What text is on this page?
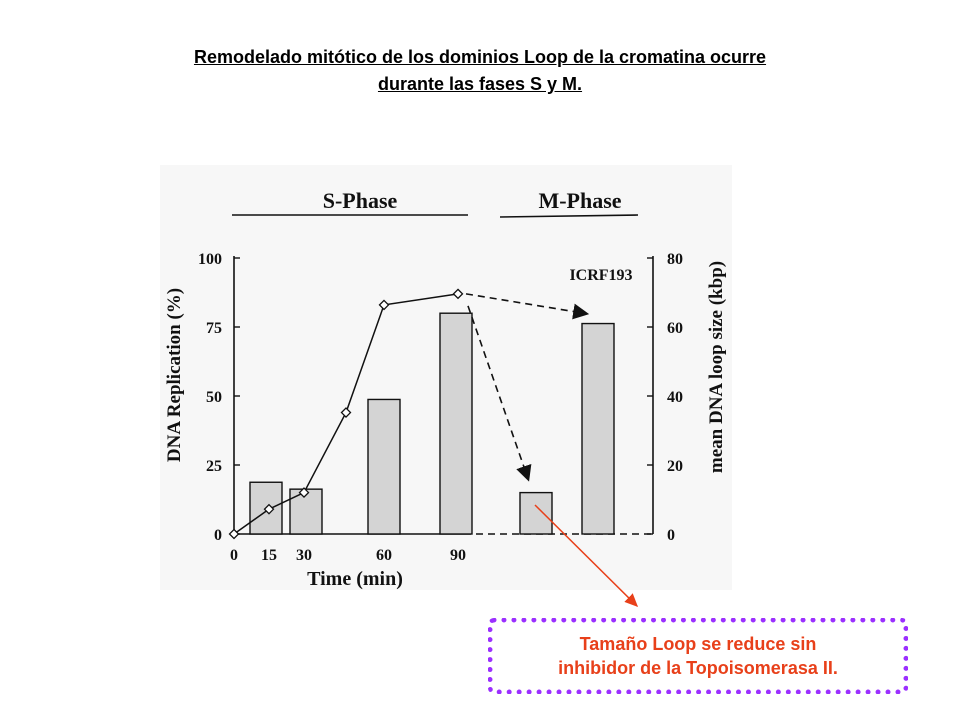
Remodelado mitótico de los dominios Loop de la cromatina ocurre
durante las fases S y M.
0
25
50
75
100
0
20
40
60
80
0 15 30	60	90
S-Phase	M-Phase
Time (min)
DNA Replication (%)	mean DNA loop size (kbp)
ICRF193
Tamaño Loop se reduce sin
inhibidor de la Topoisomerasa II.
